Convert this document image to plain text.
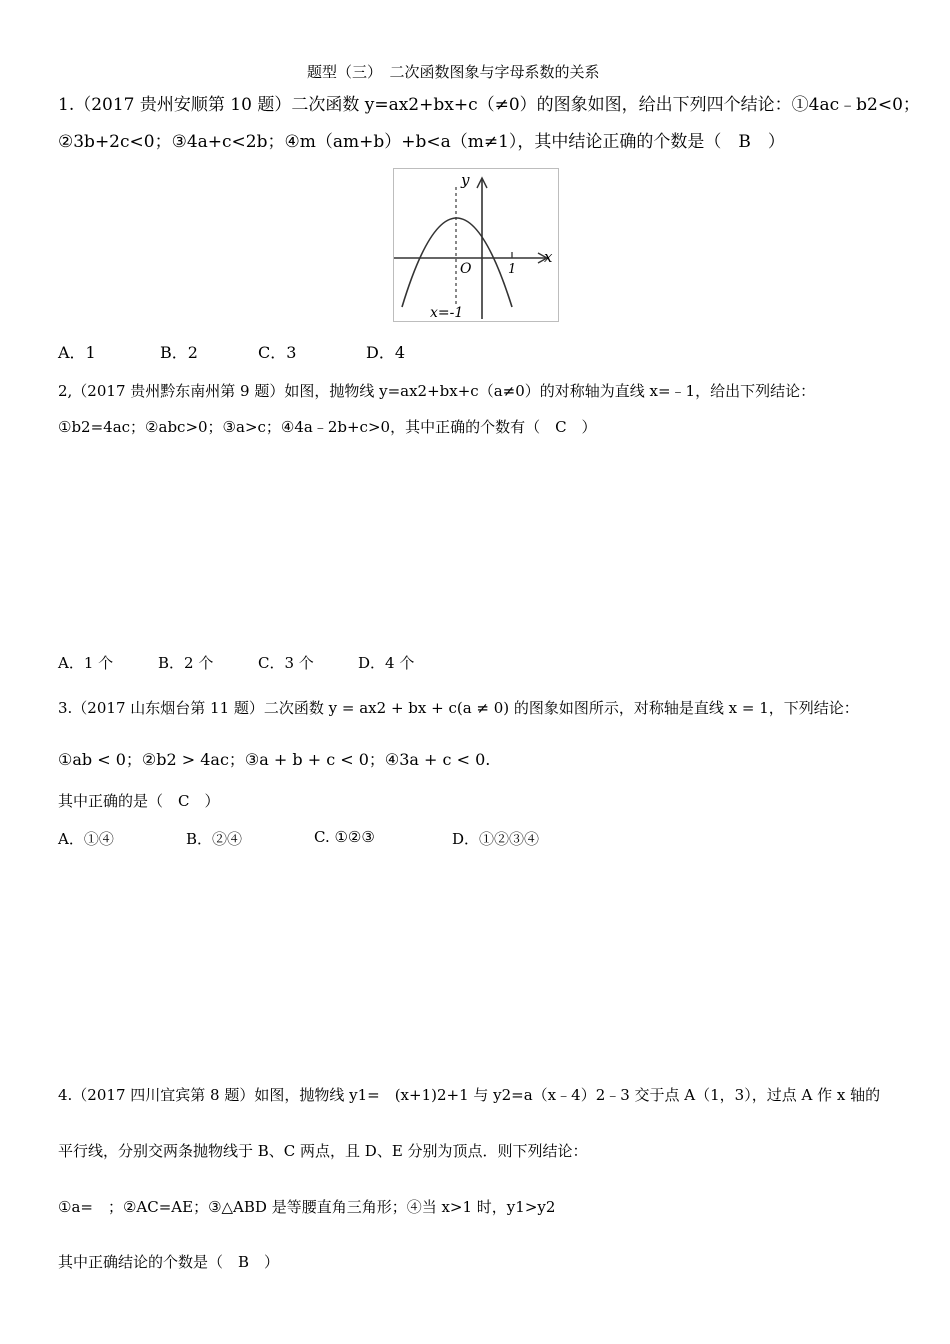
题型（三）　二次函数图象与字母系数的关系
1.（2017 贵州安顺第 10 题）二次函数 y=ax2+bx+c（≠0）的图象如图，给出下列四个结论：①4ac﹣b2<0；
②3b+2c<0；③4a+c<2b；④m（am+b）+b<a（m≠1），其中结论正确的个数是（　B　）
y
x
O	1
x=-1
A．1	B．2	C．3	D．4
2,（2017 贵州黔东南州第 9 题）如图，抛物线 y=ax2+bx+c（a≠0）的对称轴为直线 x=﹣1，给出下列结论：
①b2=4ac；②abc>0；③a>c；④4a﹣2b+c>0，其中正确的个数有（　C　）
A．1 个	B．2 个	C．3 个	D．4 个
3.（2017 山东烟台第 11 题）二次函数 y = ax2 + bx + c(a ≠ 0) 的图象如图所示，对称轴是直线 x = 1，下列结论：
①ab < 0；②b2 > 4ac；③a + b + c < 0；④3a + c < 0.
其中正确的是（　C　）
A．①④	B．②④	C. ①②③	D．①②③④
4.（2017 四川宜宾第 8 题）如图，抛物线 y1=　(x+1)2+1 与 y2=a（x﹣4）2﹣3 交于点 A（1，3），过点 A 作 x 轴的
平行线，分别交两条抛物线于 B、C 两点，且 D、E 分别为顶点．则下列结论：
①a=　；②AC=AE；③△ABD 是等腰直角三角形；④当 x>1 时，y1>y2
其中正确结论的个数是（　B　）
